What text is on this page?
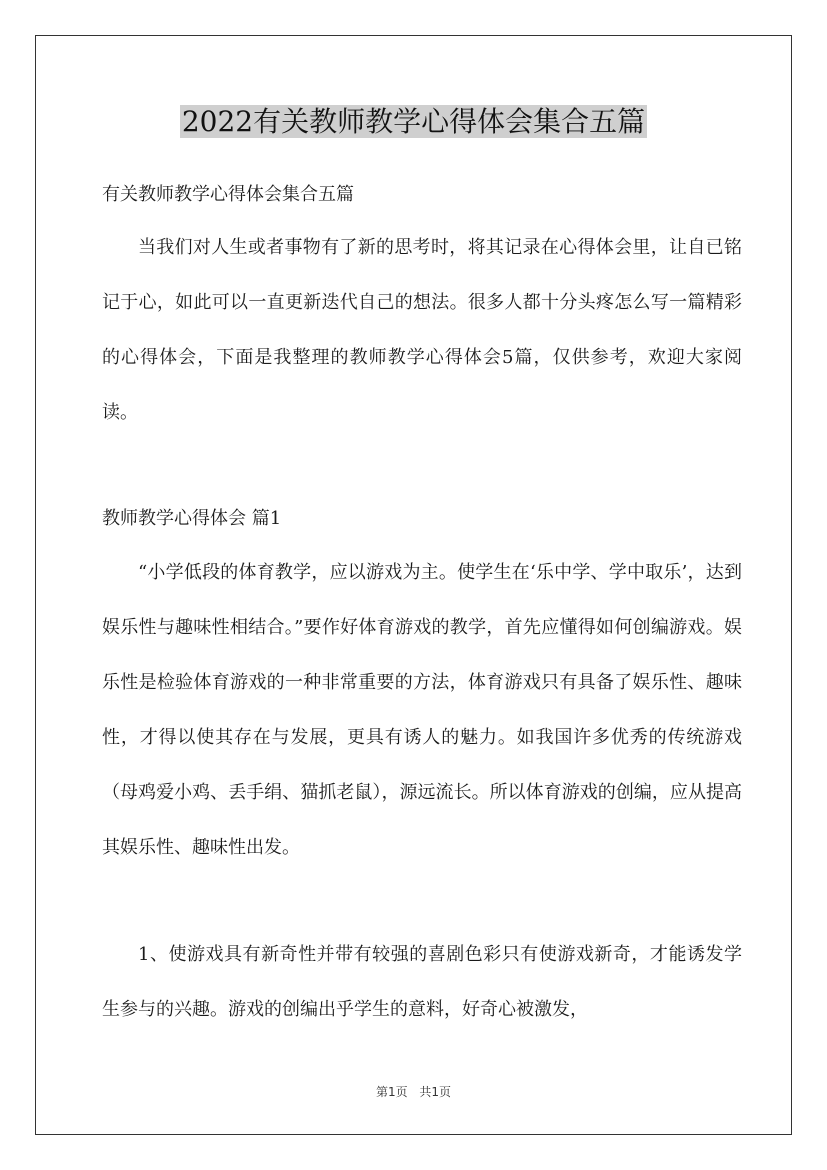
2022有关教师教学心得体会集合五篇
有关教师教学心得体会集合五篇

当我们对人生或者事物有了新的思考时，将其记录在心得体会里，让自已铭记于心，如此可以一直更新迭代自己的想法。很多人都十分头疼怎么写一篇精彩的心得体会，下面是我整理的教师教学心得体会5篇，仅供参考，欢迎大家阅读。

教师教学心得体会 篇1

“小学低段的体育教学，应以游戏为主。使学生在‘乐中学、学中取乐’，达到娱乐性与趣味性相结合。”要作好体育游戏的教学，首先应懂得如何创编游戏。娱乐性是检验体育游戏的一种非常重要的方法，体育游戏只有具备了娱乐性、趣味性，才得以使其存在与发展，更具有诱人的魅力。如我国许多优秀的传统游戏（母鸡爱小鸡、丢手绢、猫抓老鼠），源远流长。所以体育游戏的创编，应从提高其娱乐性、趣味性出发。

1、使游戏具有新奇性并带有较强的喜剧色彩只有使游戏新奇，才能诱发学生参与的兴趣。游戏的创编出乎学生的意料，好奇心被激发，

第1页 共1页
